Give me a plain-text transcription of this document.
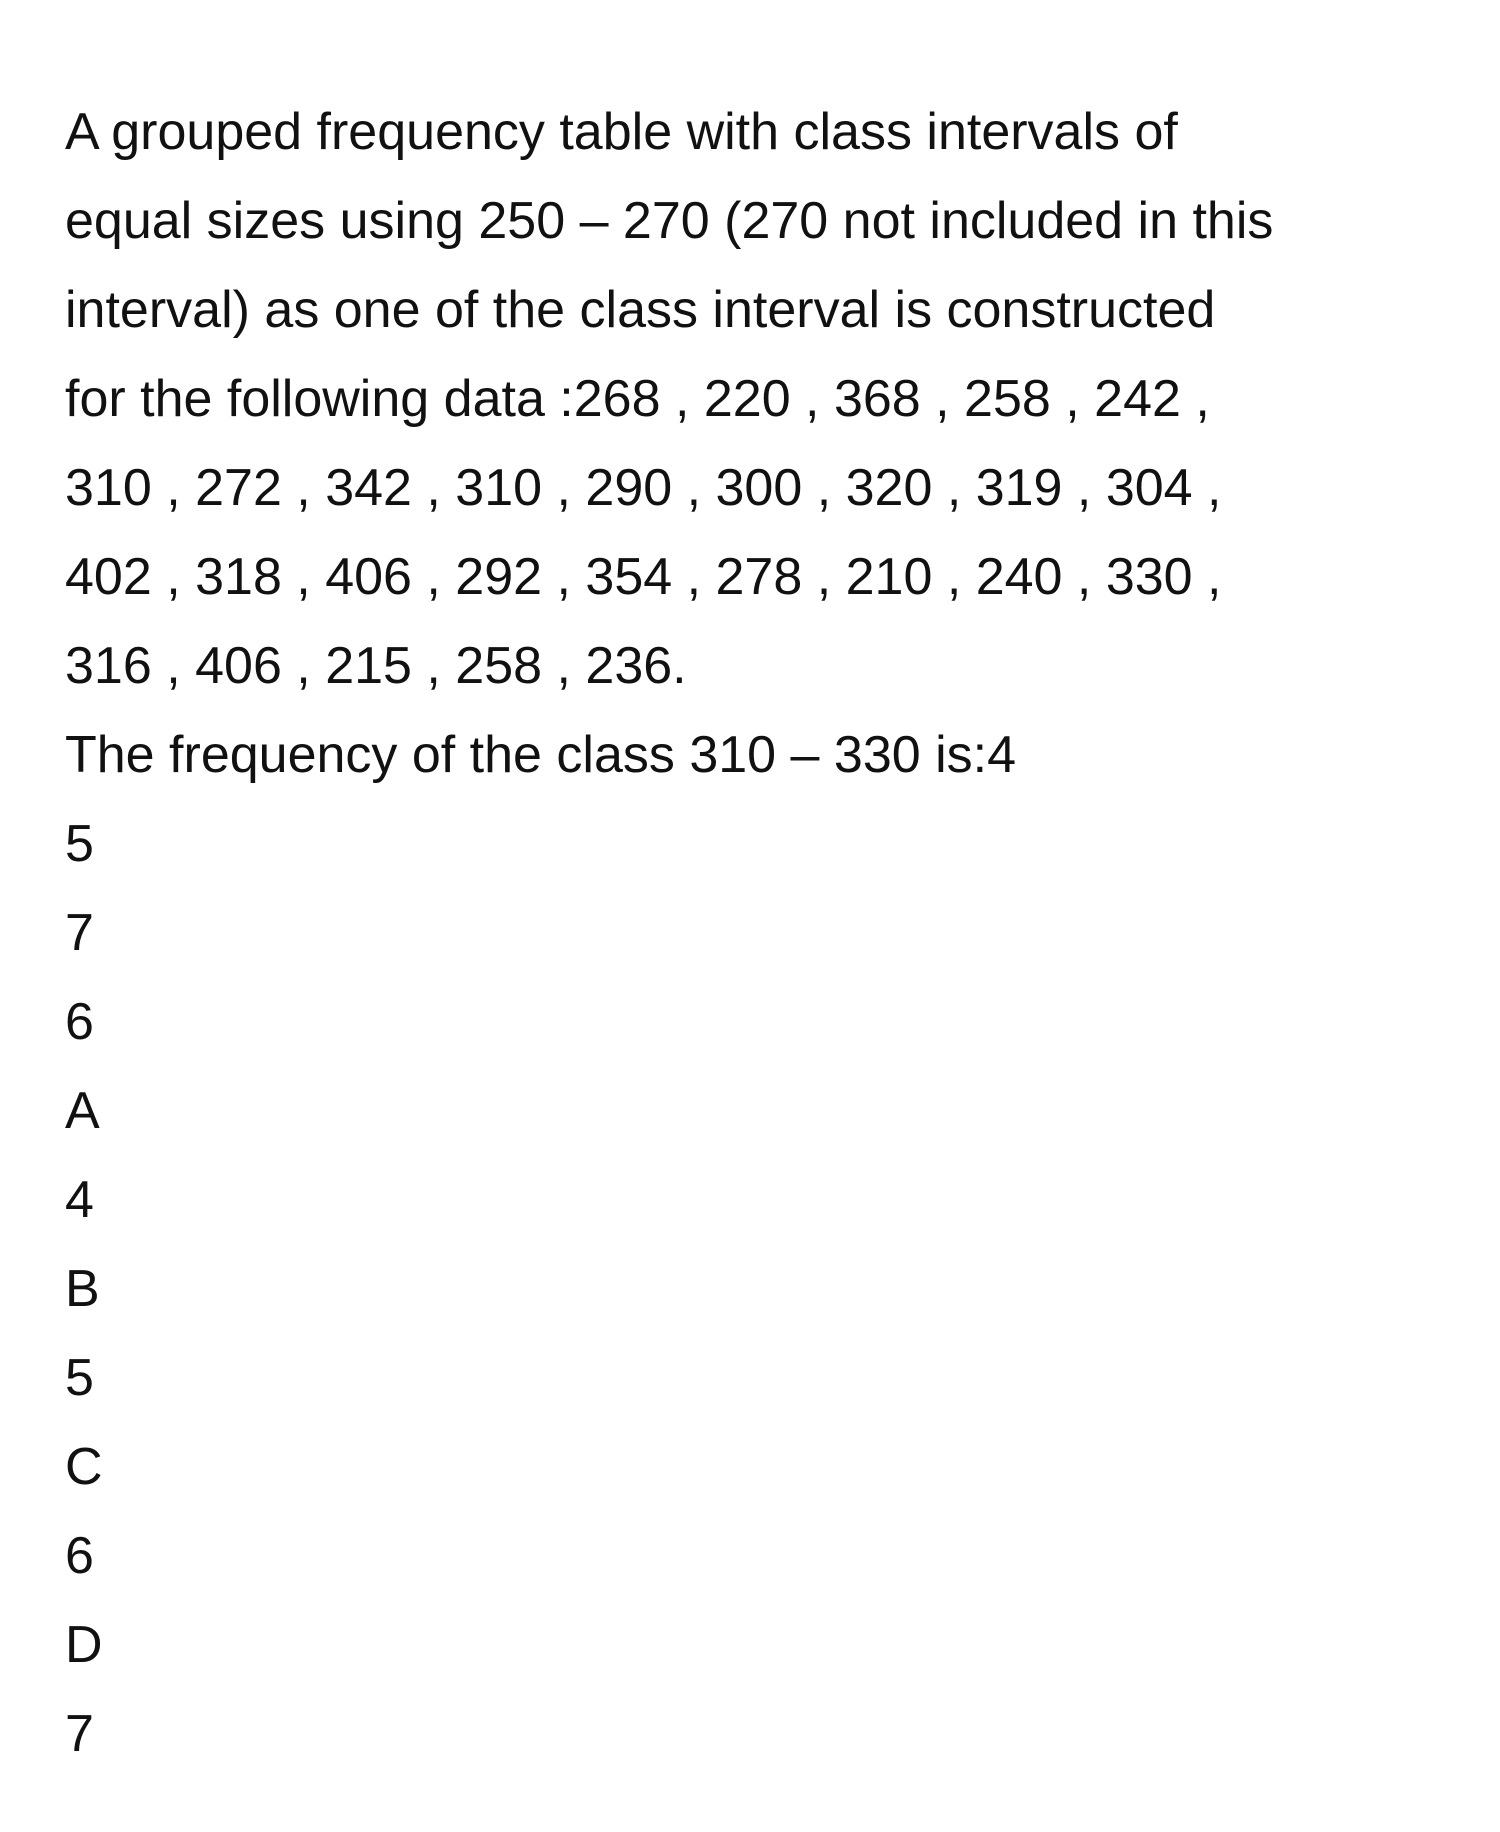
A grouped frequency table with class intervals of

equal sizes using 250 – 270 (270 not included in this

interval) as one of the class interval is constructed

for the following data :268 , 220 , 368 , 258 , 242 ,

310 , 272 , 342 , 310 , 290 , 300 , 320 , 319 , 304 ,

402 , 318 , 406 , 292 , 354 , 278 , 210 , 240 , 330 ,

316 , 406 , 215 , 258 , 236.

The frequency of the class 310 – 330 is:4

5

7

6

A

4

B

5

C

6

D

7
